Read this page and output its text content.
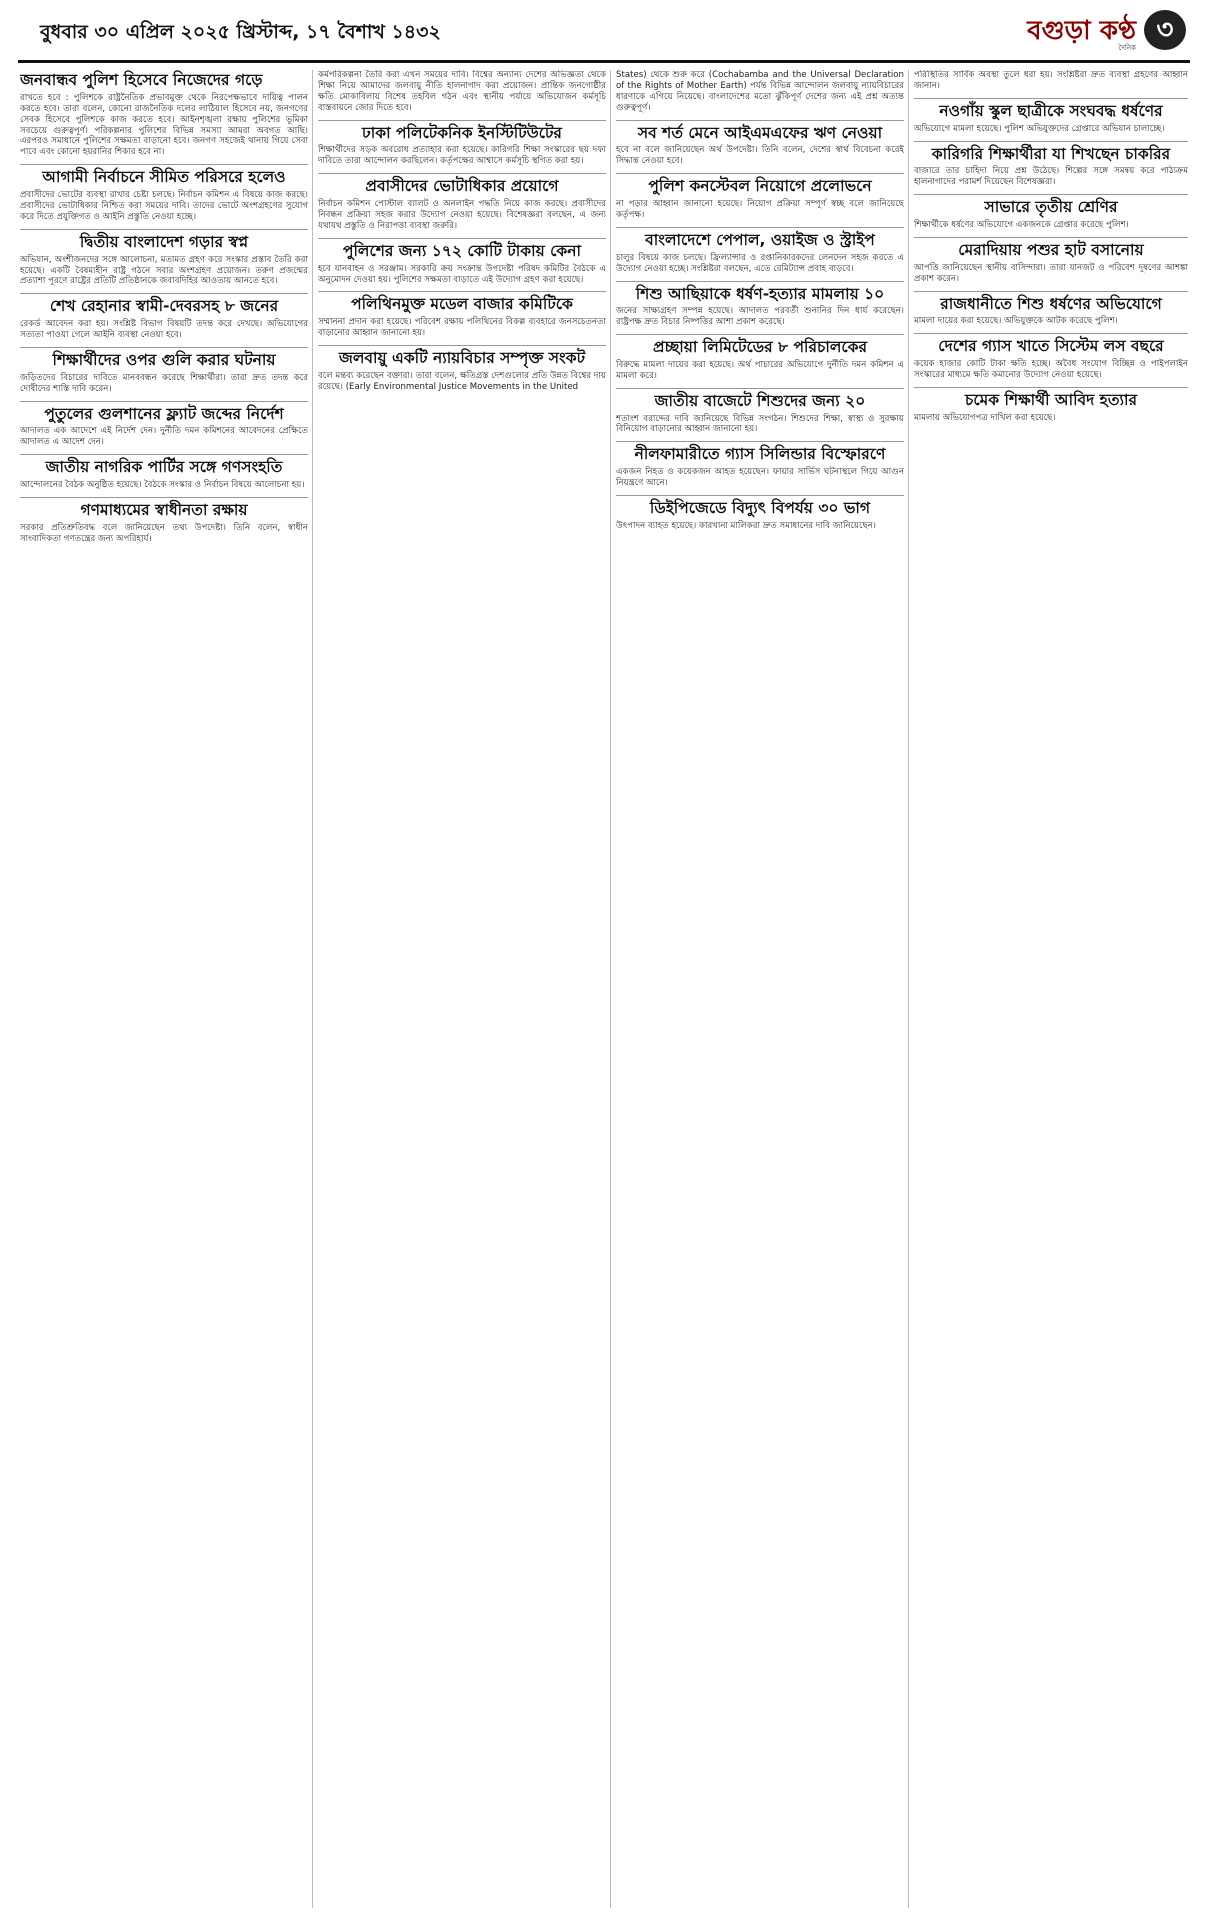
বুধবার ৩০ এপ্রিল ২০২৫ খ্রিস্টাব্দ, ১৭ বৈশাখ ১৪৩২	বগুড়া কণ্ঠ
দৈনিক
৩
জনবান্ধব পুলিশ হিসেবে নিজেদের গড়ে

রাখতে হবে : পুলিশকে রাষ্ট্রনৈতিক প্রভাবমুক্ত থেকে নিরপেক্ষভাবে দায়িত্ব পালন করতে হবে। তারা বলেন, কোনো রাজনৈতিক দলের লাঠিয়াল হিসেবে নয়, জনগণের সেবক হিসেবে পুলিশকে কাজ করতে হবে। আইনশৃঙ্খলা রক্ষায় পুলিশের ভূমিকা সবচেয়ে গুরুত্বপূর্ণ। পরিকল্পনার পুলিশের বিভিন্ন সমস্যা আমরা অবগত আছি। এরপরও সমাধানে পুলিশের সক্ষমতা বাড়ানো হবে। জনগণ সহজেই থানায় গিয়ে সেবা পাবে এবং কোনো হয়রানির শিকার হবে না।

আগামী নির্বাচনে সীমিত পরিসরে হলেও

প্রবাসীদের ভোটের ব্যবস্থা রাখার চেষ্টা চলছে। নির্বাচন কমিশন এ বিষয়ে কাজ করছে। প্রবাসীদের ভোটাধিকার নিশ্চিত করা সময়ের দাবি। তাদের ভোটে অংশগ্রহণের সুযোগ করে দিতে প্রযুক্তিগত ও আইনি প্রস্তুতি নেওয়া হচ্ছে।

দ্বিতীয় বাংলাদেশ গড়ার স্বপ্ন

অভিযান, অংশীজনদের সঙ্গে আলোচনা, মতামত গ্রহণ করে সংস্কার প্রস্তাব তৈরি করা হয়েছে। একটি বৈষম্যহীন রাষ্ট্র গঠনে সবার অংশগ্রহণ প্রয়োজন। তরুণ প্রজন্মের প্রত্যাশা পূরণে রাষ্ট্রের প্রতিটি প্রতিষ্ঠানকে জবাবদিহির আওতায় আনতে হবে।

শেখ রেহানার স্বামী-দেবরসহ ৮ জনের

রেকর্ড আবেদন করা হয়। সংশ্লিষ্ট বিভাগ বিষয়টি তদন্ত করে দেখছে। অভিযোগের সত্যতা পাওয়া গেলে আইনি ব্যবস্থা নেওয়া হবে।

শিক্ষার্থীদের ওপর গুলি করার ঘটনায়

জড়িতদের বিচারের দাবিতে মানববন্ধন করেছে শিক্ষার্থীরা। তারা দ্রুত তদন্ত করে দোষীদের শাস্তি দাবি করেন।

পুতুলের গুলশানের ফ্ল্যাট জব্দের নির্দেশ

আদালত এক আদেশে এই নির্দেশ দেন। দুর্নীতি দমন কমিশনের আবেদনের প্রেক্ষিতে আদালত এ আদেশ দেন।

জাতীয় নাগরিক পার্টির সঙ্গে গণসংহতি

আন্দোলনের বৈঠক অনুষ্ঠিত হয়েছে। বৈঠকে সংস্কার ও নির্বাচন বিষয়ে আলোচনা হয়।

গণমাধ্যমের স্বাধীনতা রক্ষায়

সরকার প্রতিশ্রুতিবদ্ধ বলে জানিয়েছেন তথ্য উপদেষ্টা। তিনি বলেন, স্বাধীন সাংবাদিকতা গণতন্ত্রের জন্য অপরিহার্য।

কর্মপরিকল্পনা তৈরি করা এখন সময়ের দাবি। বিশ্বের অন্যান্য দেশের অভিজ্ঞতা থেকে শিক্ষা নিয়ে আমাদের জলবায়ু নীতি হালনাগাদ করা প্রয়োজন। প্রান্তিক জনগোষ্ঠীর ক্ষতি মোকাবিলায় বিশেষ তহবিল গঠন এবং স্থানীয় পর্যায়ে অভিযোজন কর্মসূচি বাস্তবায়নে জোর দিতে হবে।

ঢাকা পলিটেকনিক ইনস্টিটিউটের

শিক্ষার্থীদের সড়ক অবরোধ প্রত্যাহার করা হয়েছে। কারিগরি শিক্ষা সংস্কারের ছয় দফা দাবিতে তারা আন্দোলন করছিলেন। কর্তৃপক্ষের আশ্বাসে কর্মসূচি স্থগিত করা হয়।

প্রবাসীদের ভোটাধিকার প্রয়োগে

নির্বাচন কমিশন পোস্টাল ব্যালট ও অনলাইন পদ্ধতি নিয়ে কাজ করছে। প্রবাসীদের নিবন্ধন প্রক্রিয়া সহজ করার উদ্যোগ নেওয়া হয়েছে। বিশেষজ্ঞরা বলছেন, এ জন্য যথাযথ প্রস্তুতি ও নিরাপত্তা ব্যবস্থা জরুরি।

পুলিশের জন্য ১৭২ কোটি টাকায় কেনা

হবে যানবাহন ও সরঞ্জাম। সরকারি ক্রয় সংক্রান্ত উপদেষ্টা পরিষদ কমিটির বৈঠকে এ অনুমোদন দেওয়া হয়। পুলিশের সক্ষমতা বাড়াতে এই উদ্যোগ গ্রহণ করা হয়েছে।

পলিথিনমুক্ত মডেল বাজার কমিটিকে

সম্মাননা প্রদান করা হয়েছে। পরিবেশ রক্ষায় পলিথিনের বিকল্প ব্যবহারে জনসচেতনতা বাড়ানোর আহ্বান জানানো হয়।

জলবায়ু একটি ন্যায়বিচার সম্পৃক্ত সংকট

বলে মন্তব্য করেছেন বক্তারা। তারা বলেন, ক্ষতিগ্রস্ত দেশগুলোর প্রতি উন্নত বিশ্বের দায় রয়েছে। (Early Environmental Justice Movements in the United

States) থেকে শুরু করে (Cochabamba and the Universal Declaration of the Rights of Mother Earth) পর্যন্ত বিভিন্ন আন্দোলন জলবায়ু ন্যায়বিচারের ধারণাকে এগিয়ে নিয়েছে। বাংলাদেশের মতো ঝুঁকিপূর্ণ দেশের জন্য এই প্রশ্ন অত্যন্ত গুরুত্বপূর্ণ।

সব শর্ত মেনে আইএমএফের ঋণ নেওয়া

হবে না বলে জানিয়েছেন অর্থ উপদেষ্টা। তিনি বলেন, দেশের স্বার্থ বিবেচনা করেই সিদ্ধান্ত নেওয়া হবে।

পুলিশ কনস্টেবল নিয়োগে প্রলোভনে

না পড়ার আহ্বান জানানো হয়েছে। নিয়োগ প্রক্রিয়া সম্পূর্ণ স্বচ্ছ বলে জানিয়েছে কর্তৃপক্ষ।

বাংলাদেশে পেপাল, ওয়াইজ ও স্ট্রাইপ

চালুর বিষয়ে কাজ চলছে। ফ্রিল্যান্সার ও রপ্তানিকারকদের লেনদেন সহজ করতে এ উদ্যোগ নেওয়া হচ্ছে। সংশ্লিষ্টরা বলছেন, এতে রেমিট্যান্স প্রবাহ বাড়বে।

শিশু আছিয়াকে ধর্ষণ-হত্যার মামলায় ১০

জনের সাক্ষ্যগ্রহণ সম্পন্ন হয়েছে। আদালত পরবর্তী শুনানির দিন ধার্য করেছেন। রাষ্ট্রপক্ষ দ্রুত বিচার নিষ্পত্তির আশা প্রকাশ করেছে।

প্রচ্ছায়া লিমিটেডের ৮ পরিচালকের

বিরুদ্ধে মামলা দায়ের করা হয়েছে। অর্থ পাচারের অভিযোগে দুর্নীতি দমন কমিশন এ মামলা করে।

জাতীয় বাজেটে শিশুদের জন্য ২০

শতাংশ বরাদ্দের দাবি জানিয়েছে বিভিন্ন সংগঠন। শিশুদের শিক্ষা, স্বাস্থ্য ও সুরক্ষায় বিনিয়োগ বাড়ানোর আহ্বান জানানো হয়।

নীলফামারীতে গ্যাস সিলিন্ডার বিস্ফোরণে

একজন নিহত ও কয়েকজন আহত হয়েছেন। ফায়ার সার্ভিস ঘটনাস্থলে গিয়ে আগুন নিয়ন্ত্রণে আনে।

ডিইপিজেডে বিদ্যুৎ বিপর্যয় ৩০ ভাগ

উৎপাদন ব্যাহত হয়েছে। কারখানা মালিকরা দ্রুত সমাধানের দাবি জানিয়েছেন।

পরিস্থিতির সার্বিক অবস্থা তুলে ধরা হয়। সংশ্লিষ্টরা দ্রুত ব্যবস্থা গ্রহণের আহ্বান জানান।

নওগাঁয় স্কুল ছাত্রীকে সংঘবদ্ধ ধর্ষণের

অভিযোগে মামলা হয়েছে। পুলিশ অভিযুক্তদের গ্রেপ্তারে অভিযান চালাচ্ছে।

কারিগরি শিক্ষার্থীরা যা শিখছেন চাকরির

বাজারে তার চাহিদা নিয়ে প্রশ্ন উঠেছে। শিল্পের সঙ্গে সমন্বয় করে পাঠ্যক্রম হালনাগাদের পরামর্শ দিয়েছেন বিশেষজ্ঞরা।

সাভারে তৃতীয় শ্রেণির

শিক্ষার্থীকে ধর্ষণের অভিযোগে একজনকে গ্রেপ্তার করেছে পুলিশ।

মেরাদিয়ায় পশুর হাট বসানোয়

আপত্তি জানিয়েছেন স্থানীয় বাসিন্দারা। তারা যানজট ও পরিবেশ দূষণের আশঙ্কা প্রকাশ করেন।

রাজধানীতে শিশু ধর্ষণের অভিযোগে

মামলা দায়ের করা হয়েছে। অভিযুক্তকে আটক করেছে পুলিশ।

দেশের গ্যাস খাতে সিস্টেম লস বছরে

কয়েক হাজার কোটি টাকা ক্ষতি হচ্ছে। অবৈধ সংযোগ বিচ্ছিন্ন ও পাইপলাইন সংস্কারের মাধ্যমে ক্ষতি কমানোর উদ্যোগ নেওয়া হয়েছে।

চমেক শিক্ষার্থী আবিদ হত্যার

মামলায় অভিযোগপত্র দাখিল করা হয়েছে।
